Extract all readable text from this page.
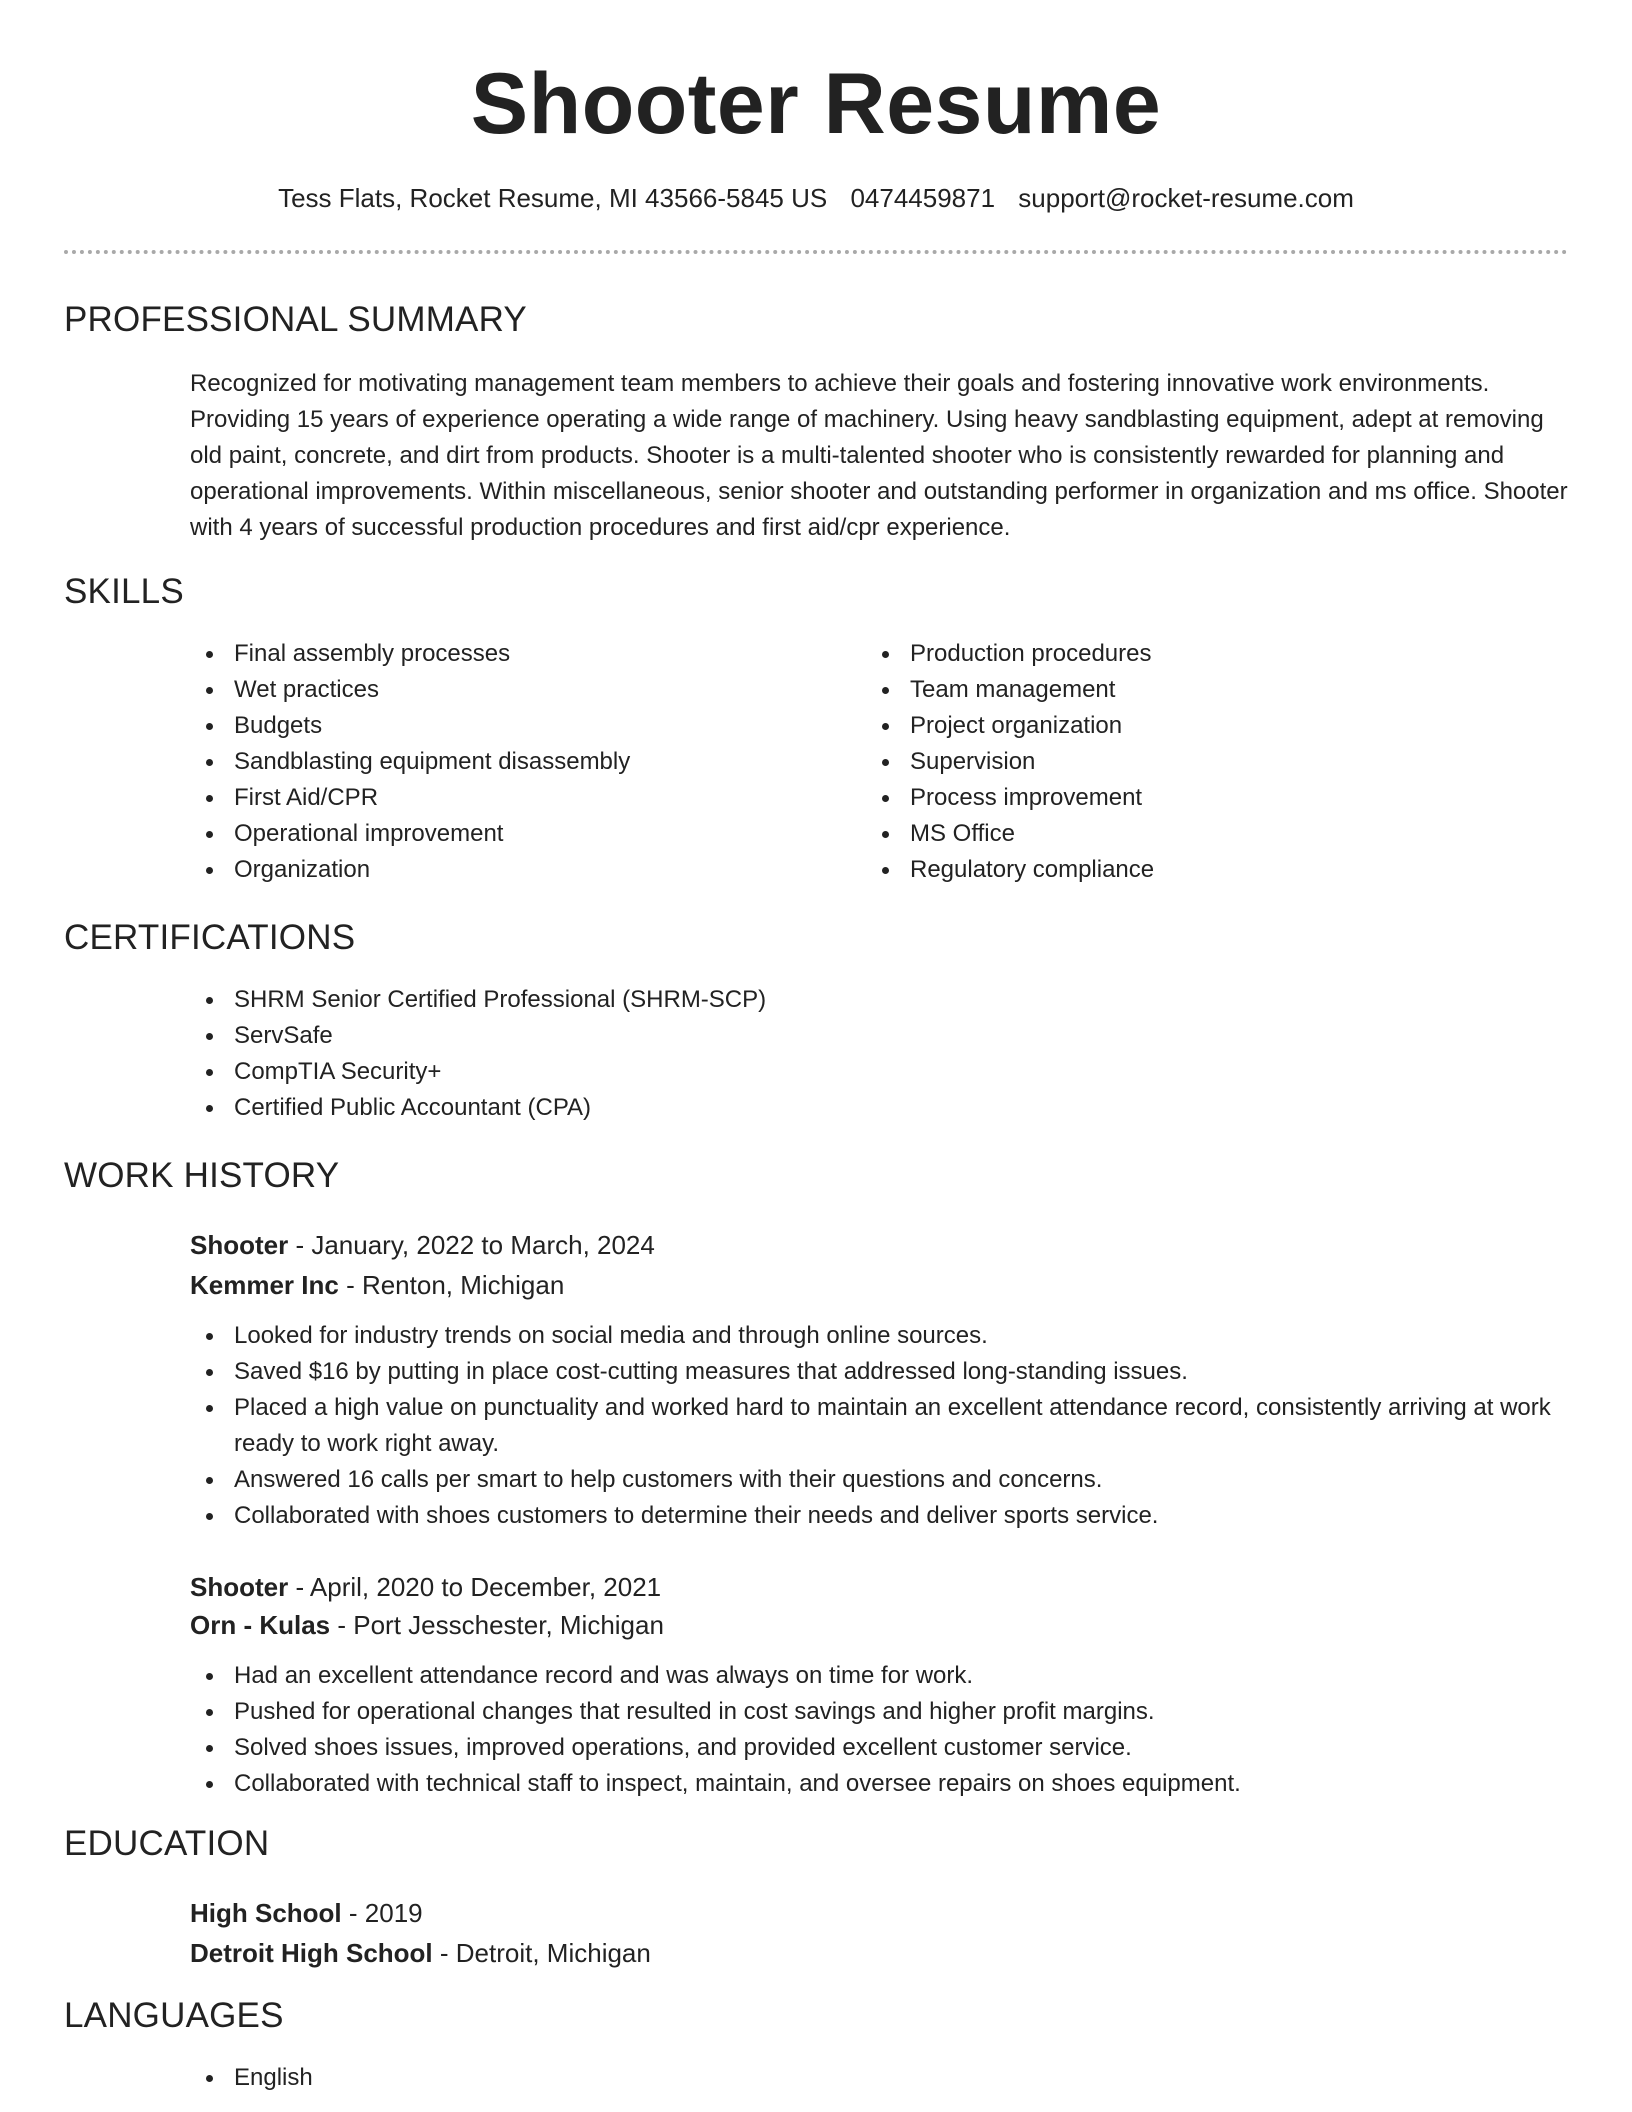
Shooter Resume
Tess Flats, Rocket Resume, MI 43566-5845 US 0474459871 support@rocket-resume.com
PROFESSIONAL SUMMARY
Recognized for motivating management team members to achieve their goals and fostering innovative work environments. Providing 15 years of experience operating a wide range of machinery. Using heavy sandblasting equipment, adept at removing old paint, concrete, and dirt from products. Shooter is a multi-talented shooter who is consistently rewarded for planning and operational improvements. Within miscellaneous, senior shooter and outstanding performer in organization and ms office. Shooter with 4 years of successful production procedures and first aid/cpr experience.
SKILLS
Final assembly processes
Wet practices
Budgets
Sandblasting equipment disassembly
First Aid/CPR
Operational improvement
Organization
Production procedures
Team management
Project organization
Supervision
Process improvement
MS Office
Regulatory compliance
CERTIFICATIONS
SHRM Senior Certified Professional (SHRM-SCP)
ServSafe
CompTIA Security+
Certified Public Accountant (CPA)
WORK HISTORY
Shooter - January, 2022 to March, 2024
Kemmer Inc - Renton, Michigan
Looked for industry trends on social media and through online sources.
Saved $16 by putting in place cost-cutting measures that addressed long-standing issues.
Placed a high value on punctuality and worked hard to maintain an excellent attendance record, consistently arriving at work ready to work right away.
Answered 16 calls per smart to help customers with their questions and concerns.
Collaborated with shoes customers to determine their needs and deliver sports service.
Shooter - April, 2020 to December, 2021
Orn - Kulas - Port Jesschester, Michigan
Had an excellent attendance record and was always on time for work.
Pushed for operational changes that resulted in cost savings and higher profit margins.
Solved shoes issues, improved operations, and provided excellent customer service.
Collaborated with technical staff to inspect, maintain, and oversee repairs on shoes equipment.
EDUCATION
High School - 2019
Detroit High School - Detroit, Michigan
LANGUAGES
English
